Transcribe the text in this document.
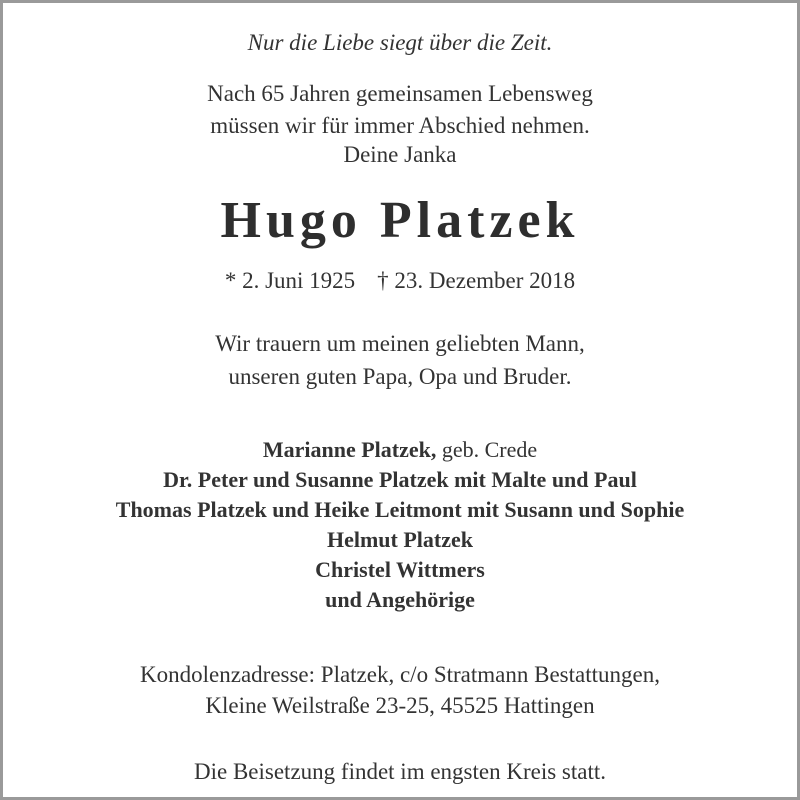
Nur die Liebe siegt über die Zeit.

Nach 65 Jahren gemeinsamen Lebensweg

müssen wir für immer Abschied nehmen.

Deine Janka

Hugo Platzek

* 2. Juni 1925 † 23. Dezember 2018

Wir trauern um meinen geliebten Mann,

unseren guten Papa, Opa und Bruder.

Marianne Platzek, geb. Crede

Dr. Peter und Susanne Platzek mit Malte und Paul

Thomas Platzek und Heike Leitmont mit Susann und Sophie

Helmut Platzek

Christel Wittmers

und Angehörige

Kondolenzadresse: Platzek, c/o Stratmann Bestattungen,

Kleine Weilstraße 23-25, 45525 Hattingen

Die Beisetzung findet im engsten Kreis statt.
